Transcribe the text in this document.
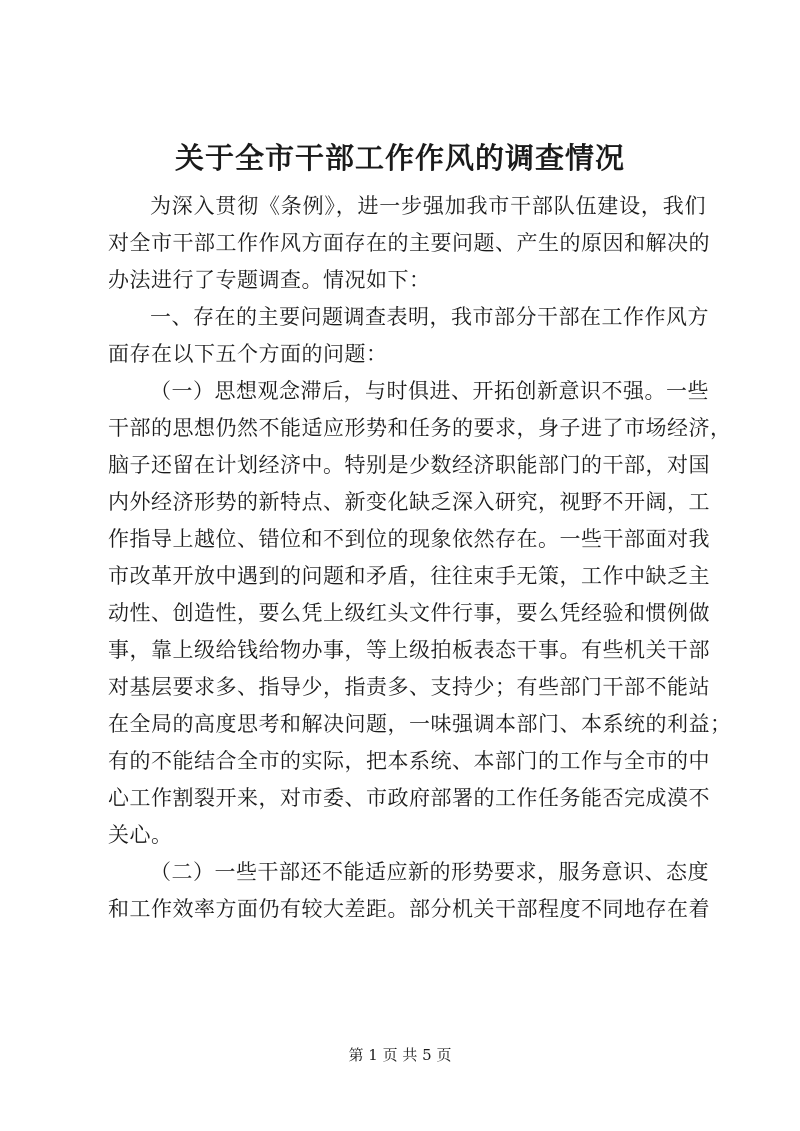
关于全市干部工作作风的调查情况
为深入贯彻《条例》，进一步强加我市干部队伍建设，我们
对全市干部工作作风方面存在的主要问题、产生的原因和解决的
办法进行了专题调查。情况如下：
一、存在的主要问题调查表明，我市部分干部在工作作风方
面存在以下五个方面的问题：
（一）思想观念滞后，与时俱进、开拓创新意识不强。一些
干部的思想仍然不能适应形势和任务的要求，身子进了市场经济，
脑子还留在计划经济中。特别是少数经济职能部门的干部，对国
内外经济形势的新特点、新变化缺乏深入研究，视野不开阔，工
作指导上越位、错位和不到位的现象依然存在。一些干部面对我
市改革开放中遇到的问题和矛盾，往往束手无策，工作中缺乏主
动性、创造性，要么凭上级红头文件行事，要么凭经验和惯例做
事，靠上级给钱给物办事，等上级拍板表态干事。有些机关干部
对基层要求多、指导少，指责多、支持少；有些部门干部不能站
在全局的高度思考和解决问题，一味强调本部门、本系统的利益；
有的不能结合全市的实际，把本系统、本部门的工作与全市的中
心工作割裂开来，对市委、市政府部署的工作任务能否完成漠不
关心。
（二）一些干部还不能适应新的形势要求，服务意识、态度
和工作效率方面仍有较大差距。部分机关干部程度不同地存在着
第 1 页 共 5 页
